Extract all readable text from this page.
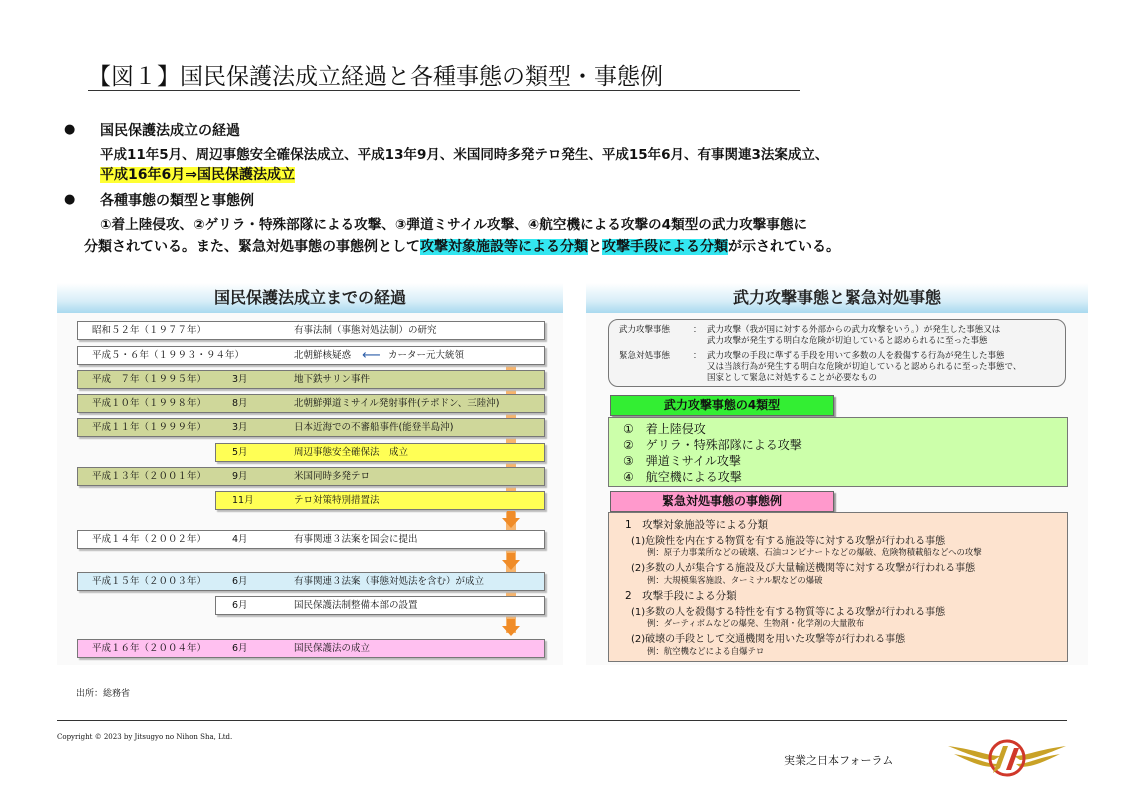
【図１】国民保護法成立経過と各種事態の類型・事態例
● 国民保護法成立の経過
平成11年5月、周辺事態安全確保法成立、平成13年9月、米国同時多発テロ発生、平成15年6月、有事関連3法案成立、
平成16年6月⇒国民保護法成立
● 各種事態の類型と事態例
①着上陸侵攻、②ゲリラ・特殊部隊による攻撃、③弾道ミサイル攻撃、④航空機による攻撃の4類型の武力攻撃事態に
分類されている。また、緊急対処事態の事態例として攻撃対象施設等による分類と攻撃手段による分類が示されている。
国民保護法成立までの経過
昭和５２年（１９７７年）	有事法制（事態対処法制）の研究
平成５・６年（１９９３・９４年）	北朝鮮核疑惑 ⟵ カーター元大統領
平成　７年（１９９５年）	3月	地下鉄サリン事件
平成１０年（１９９８年）	8月	北朝鮮弾道ミサイル発射事件(テポドン、三陸沖)
平成１１年（１９９９年）	3月	日本近海での不審船事件(能登半島沖)
5月	周辺事態安全確保法　成立
平成１３年（２００１年）	9月	米国同時多発テロ
11月	テロ対策特別措置法
平成１４年（２００２年）	4月	有事関連３法案を国会に提出
平成１５年（２００３年）	6月	有事関連３法案（事態対処法を含む）が成立
6月	国民保護法制整備本部の設置
平成１６年（２００４年）	6月	国民保護法の成立
武力攻撃事態と緊急対処事態
武力攻撃事態	： 武力攻撃（我が国に対する外部からの武力攻撃をいう。）が発生した事態又は
武力攻撃が発生する明白な危険が切迫していると認められるに至った事態
緊急対処事態	： 武力攻撃の手段に準ずる手段を用いて多数の人を殺傷する行為が発生した事態
又は当該行為が発生する明白な危険が切迫していると認められるに至った事態で、
国家として緊急に対処することが必要なもの
武力攻撃事態の4類型
①　着上陸侵攻
②　ゲリラ・特殊部隊による攻撃
③　弾道ミサイル攻撃
④　航空機による攻撃
緊急対処事態の事態例
1　攻撃対象施設等による分類
(1)危険性を内在する物質を有する施設等に対する攻撃が行われる事態
例：原子力事業所などの破壊、石油コンビナートなどの爆破、危険物積載船などへの攻撃
(2)多数の人が集合する施設及び大量輸送機関等に対する攻撃が行われる事態
例：大規模集客施設、ターミナル駅などの爆破
2　攻撃手段による分類
(1)多数の人を殺傷する特性を有する物質等による攻撃が行われる事態
例：ダーティボムなどの爆発、生物剤・化学剤の大量散布
(2)破壊の手段として交通機関を用いた攻撃等が行われる事態
例：航空機などによる自爆テロ
出所：総務省
Copyright © 2023 by Jitsugyo no Nihon Sha, Ltd.
実業之日本フォーラム
